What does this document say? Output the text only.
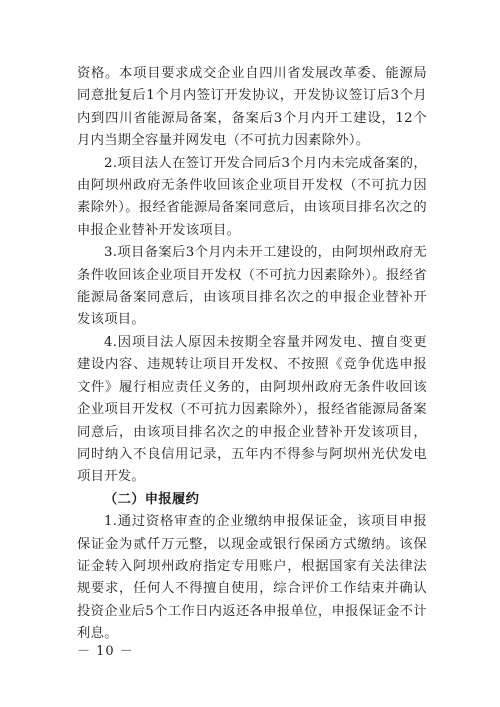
资格。本项目要求成交企业自四川省发展改革委、能源局同意批复后1个月内签订开发协议，开发协议签订后3个月内到四川省能源局备案，备案后3个月内开工建设，12个月内当期全容量并网发电（不可抗力因素除外）。

2.项目法人在签订开发合同后3个月内未完成备案的，由阿坝州政府无条件收回该企业项目开发权（不可抗力因素除外）。报经省能源局备案同意后，由该项目排名次之的申报企业替补开发该项目。

3.项目备案后3个月内未开工建设的，由阿坝州政府无条件收回该企业项目开发权（不可抗力因素除外）。报经省能源局备案同意后，由该项目排名次之的申报企业替补开发该项目。

4.因项目法人原因未按期全容量并网发电、擅自变更建设内容、违规转让项目开发权、不按照《竞争优选申报文件》履行相应责任义务的，由阿坝州政府无条件收回该企业项目开发权（不可抗力因素除外），报经省能源局备案同意后，由该项目排名次之的申报企业替补开发该项目，同时纳入不良信用记录，五年内不得参与阿坝州光伏发电项目开发。

（二）申报履约

1.通过资格审查的企业缴纳申报保证金，该项目申报保证金为贰仟万元整，以现金或银行保函方式缴纳。该保证金转入阿坝州政府指定专用账户，根据国家有关法律法规要求，任何人不得擅自使用，综合评价工作结束并确认投资企业后5个工作日内返还各申报单位，申报保证金不计利息。

－ 10 －
